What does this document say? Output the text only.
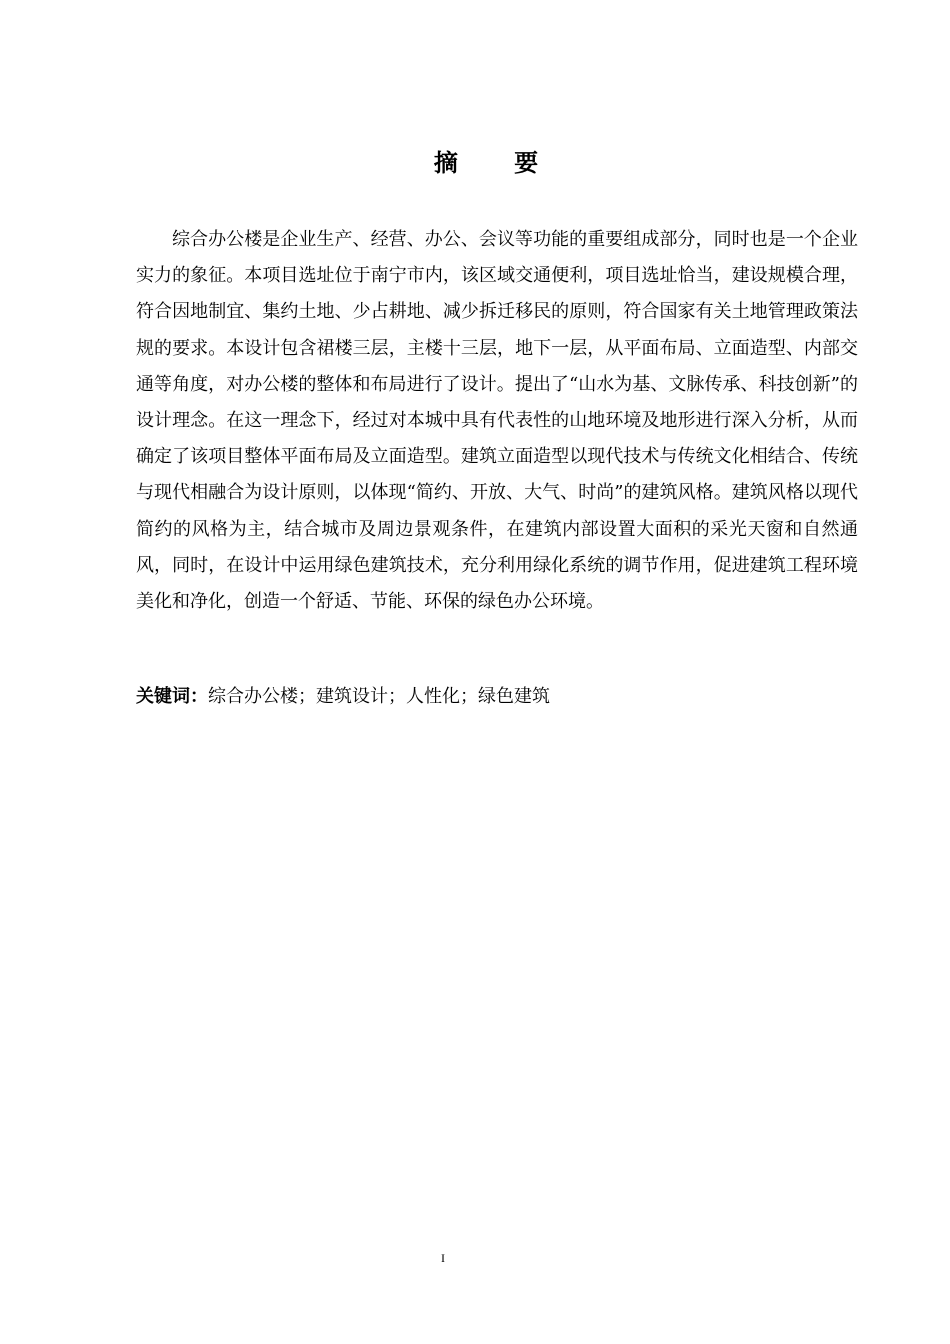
摘 要

综合办公楼是企业生产、经营、办公、会议等功能的重要组成部分，同时也是一个企业实力的象征。本项目选址位于南宁市内，该区域交通便利，项目选址恰当，建设规模合理，符合因地制宜、集约土地、少占耕地、减少拆迁移民的原则，符合国家有关土地管理政策法规的要求。本设计包含裙楼三层，主楼十三层，地下一层，从平面布局、立面造型、内部交通等角度，对办公楼的整体和布局进行了设计。提出了“山水为基、文脉传承、科技创新”的设计理念。在这一理念下，经过对本城中具有代表性的山地环境及地形进行深入分析，从而确定了该项目整体平面布局及立面造型。建筑立面造型以现代技术与传统文化相结合、传统与现代相融合为设计原则，以体现“简约、开放、大气、时尚”的建筑风格。建筑风格以现代简约的风格为主，结合城市及周边景观条件，在建筑内部设置大面积的采光天窗和自然通风，同时，在设计中运用绿色建筑技术，充分利用绿化系统的调节作用，促进建筑工程环境美化和净化，创造一个舒适、节能、环保的绿色办公环境。

关键词：综合办公楼；建筑设计；人性化；绿色建筑
I
